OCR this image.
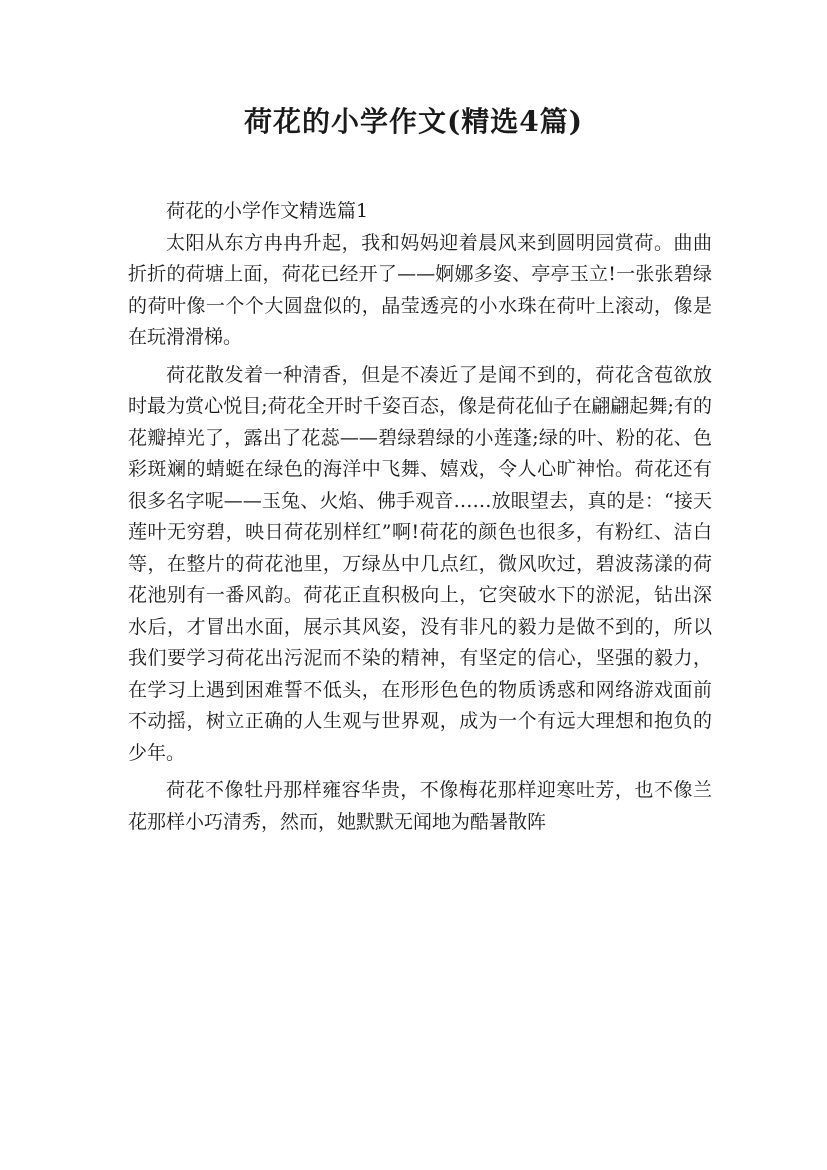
荷花的小学作文(精选4篇)

荷花的小学作文精选篇1

太阳从东方冉冉升起，我和妈妈迎着晨风来到圆明园赏荷。曲曲折折的荷塘上面，荷花已经开了——婀娜多姿、亭亭玉立!一张张碧绿的荷叶像一个个大圆盘似的，晶莹透亮的小水珠在荷叶上滚动，像是在玩滑滑梯。

荷花散发着一种清香，但是不凑近了是闻不到的，荷花含苞欲放时最为赏心悦目;荷花全开时千姿百态，像是荷花仙子在翩翩起舞;有的花瓣掉光了，露出了花蕊——碧绿碧绿的小莲蓬;绿的叶、粉的花、色彩斑斓的蜻蜓在绿色的海洋中飞舞、嬉戏，令人心旷神怡。荷花还有很多名字呢——玉兔、火焰、佛手观音……放眼望去，真的是：“接天莲叶无穷碧，映日荷花别样红”啊!荷花的颜色也很多，有粉红、洁白等，在整片的荷花池里，万绿丛中几点红，微风吹过，碧波荡漾的荷花池别有一番风韵。荷花正直积极向上，它突破水下的淤泥，钻出深水后，才冒出水面，展示其风姿，没有非凡的毅力是做不到的，所以我们要学习荷花出污泥而不染的精神，有坚定的信心，坚强的毅力，在学习上遇到困难誓不低头，在形形色色的物质诱惑和网络游戏面前不动摇，树立正确的人生观与世界观，成为一个有远大理想和抱负的少年。

荷花不像牡丹那样雍容华贵，不像梅花那样迎寒吐芳，也不像兰花那样小巧清秀，然而，她默默无闻地为酷暑散阵
